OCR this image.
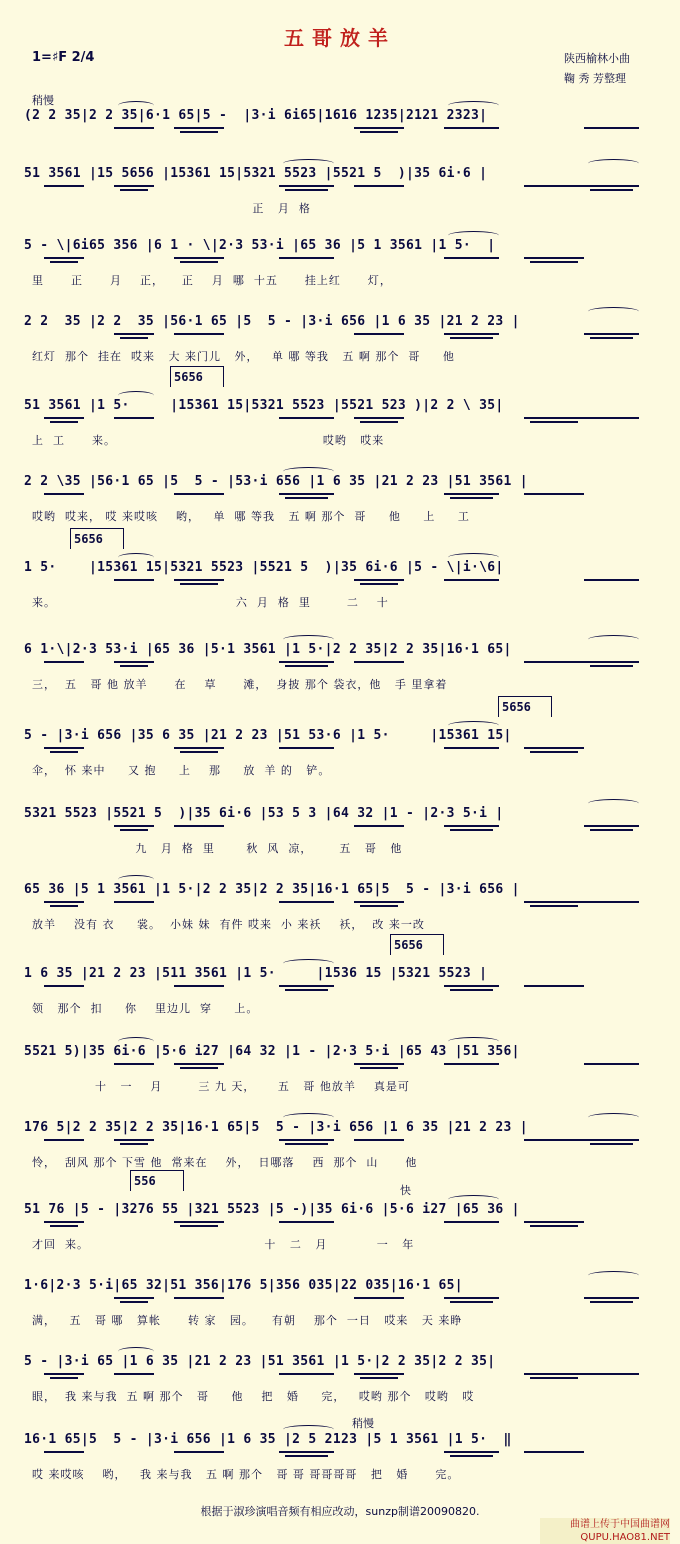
五哥放羊
1=♯F 2/4	陕西榆林小曲
鞠 秀 芳整理
稍慢
(2 2 35|2 2 35|6·1 65|5 -  |3·i 6i65|1616 1235|2121 2323|
51 3561 |15 5656 |15361 15|5321 5523 |5521 5  )|35 6i·6 |
正   月  格
5 - \|6i65 356 |6 1 · \|2·3 53·i |65 36 |5 1 3561 |1 5·  |
里      正      月    正，    正    月  哪  十五      挂上红      灯，
2 2  35 |2 2  35 |56·1 65 |5  5 - |3·i 656 |1 6 35 |21 2 23 |
红灯  那个  挂在  哎来   大 来门儿   外，   单 哪 等我   五 啊 那个  哥     他
51 3561 |1 5·     |15361 15|5321 5523 |5521 523 )|2 2 \ 35|
上  工      来。                                              哎哟   哎来
5656
2 2 \35 |56·1 65 |5  5 - |53·i 656 |1 6 35 |21 2 23 |51 3561 |
哎哟  哎来， 哎 来哎咳    哟，   单  哪 等我   五 啊 那个  哥     他     上     工
1 5·    |15361 15|5321 5523 |5521 5  )|35 6i·6 |5 - \|i·\6|
来。                                        六  月  格  里        二    十
5656
6 1·\|2·3 53·i |65 36 |5·1 3561 |1 5·|2 2 35|2 2 35|16·1 65|
三，  五   哥 他 放羊      在    草      滩，  身披 那个 袋衣，他   手 里拿着
5 - |3·i 656 |35 6 35 |21 2 23 |51 53·6 |1 5·     |15361 15|
伞，  怀 来中     又 抱     上    那     放  羊 的   铲。
5656
5321 5523 |5521 5  )|35 6i·6 |53 5 3 |64 32 |1 - |2·3 5·i |
九   月  格  里       秋  风  凉，      五   哥   他
65 36 |5 1 3561 |1 5·|2 2 35|2 2 35|16·1 65|5  5 - |3·i 656 |
放羊    没有 衣     裳。  小妹 妹  有件 哎来  小 来袄    袄，  改 来一改
1 6 35 |21 2 23 |511 3561 |1 5·     |1536 15 |5321 5523 |
领   那个  扣     你    里边儿  穿     上。
5656
5521 5)|35 6i·6 |5·6 i27 |64 32 |1 - |2·3 5·i |65 43 |51 356|
十   一    月        三 九 天，     五   哥 他放羊    真是可
176 5|2 2 35|2 2 35|16·1 65|5  5 - |3·i 656 |1 6 35 |21 2 23 |
怜，  刮风 那个 下雪 他  常来在    外，  日哪落    西  那个  山      他
51 76 |5 - |3276 55 |321 5523 |5 -)|35 6i·6 |5·6 i27 |65 36 |
才回  来。                                       十   二   月           一   年
556
1·6|2·3 5·i|65 32|51 356|176 5|356 035|22 035|16·1 65|
满，   五   哥 哪   算帐      转 家   园。    有朝    那个  一日   哎来   天 来睁
5 - |3·i 65 |1 6 35 |21 2 23 |51 3561 |1 5·|2 2 35|2 2 35|
眼，  我 来与我  五 啊 那个   哥     他    把   婚     完，   哎哟 那个   哎哟   哎
16·1 65|5  5 - |3·i 656 |1 6 35 |2 5 2123 |5 1 3561 |1 5·  ‖
哎 来哎咳    哟，   我 来与我   五 啊 那个   哥 哥 哥哥哥哥   把   婚      完。
快
稍慢
根据于淑珍演唱音频有相应改动，sunzp制谱20090820.
曲谱上传于中国曲谱网
QUPU.HAO81.NET
